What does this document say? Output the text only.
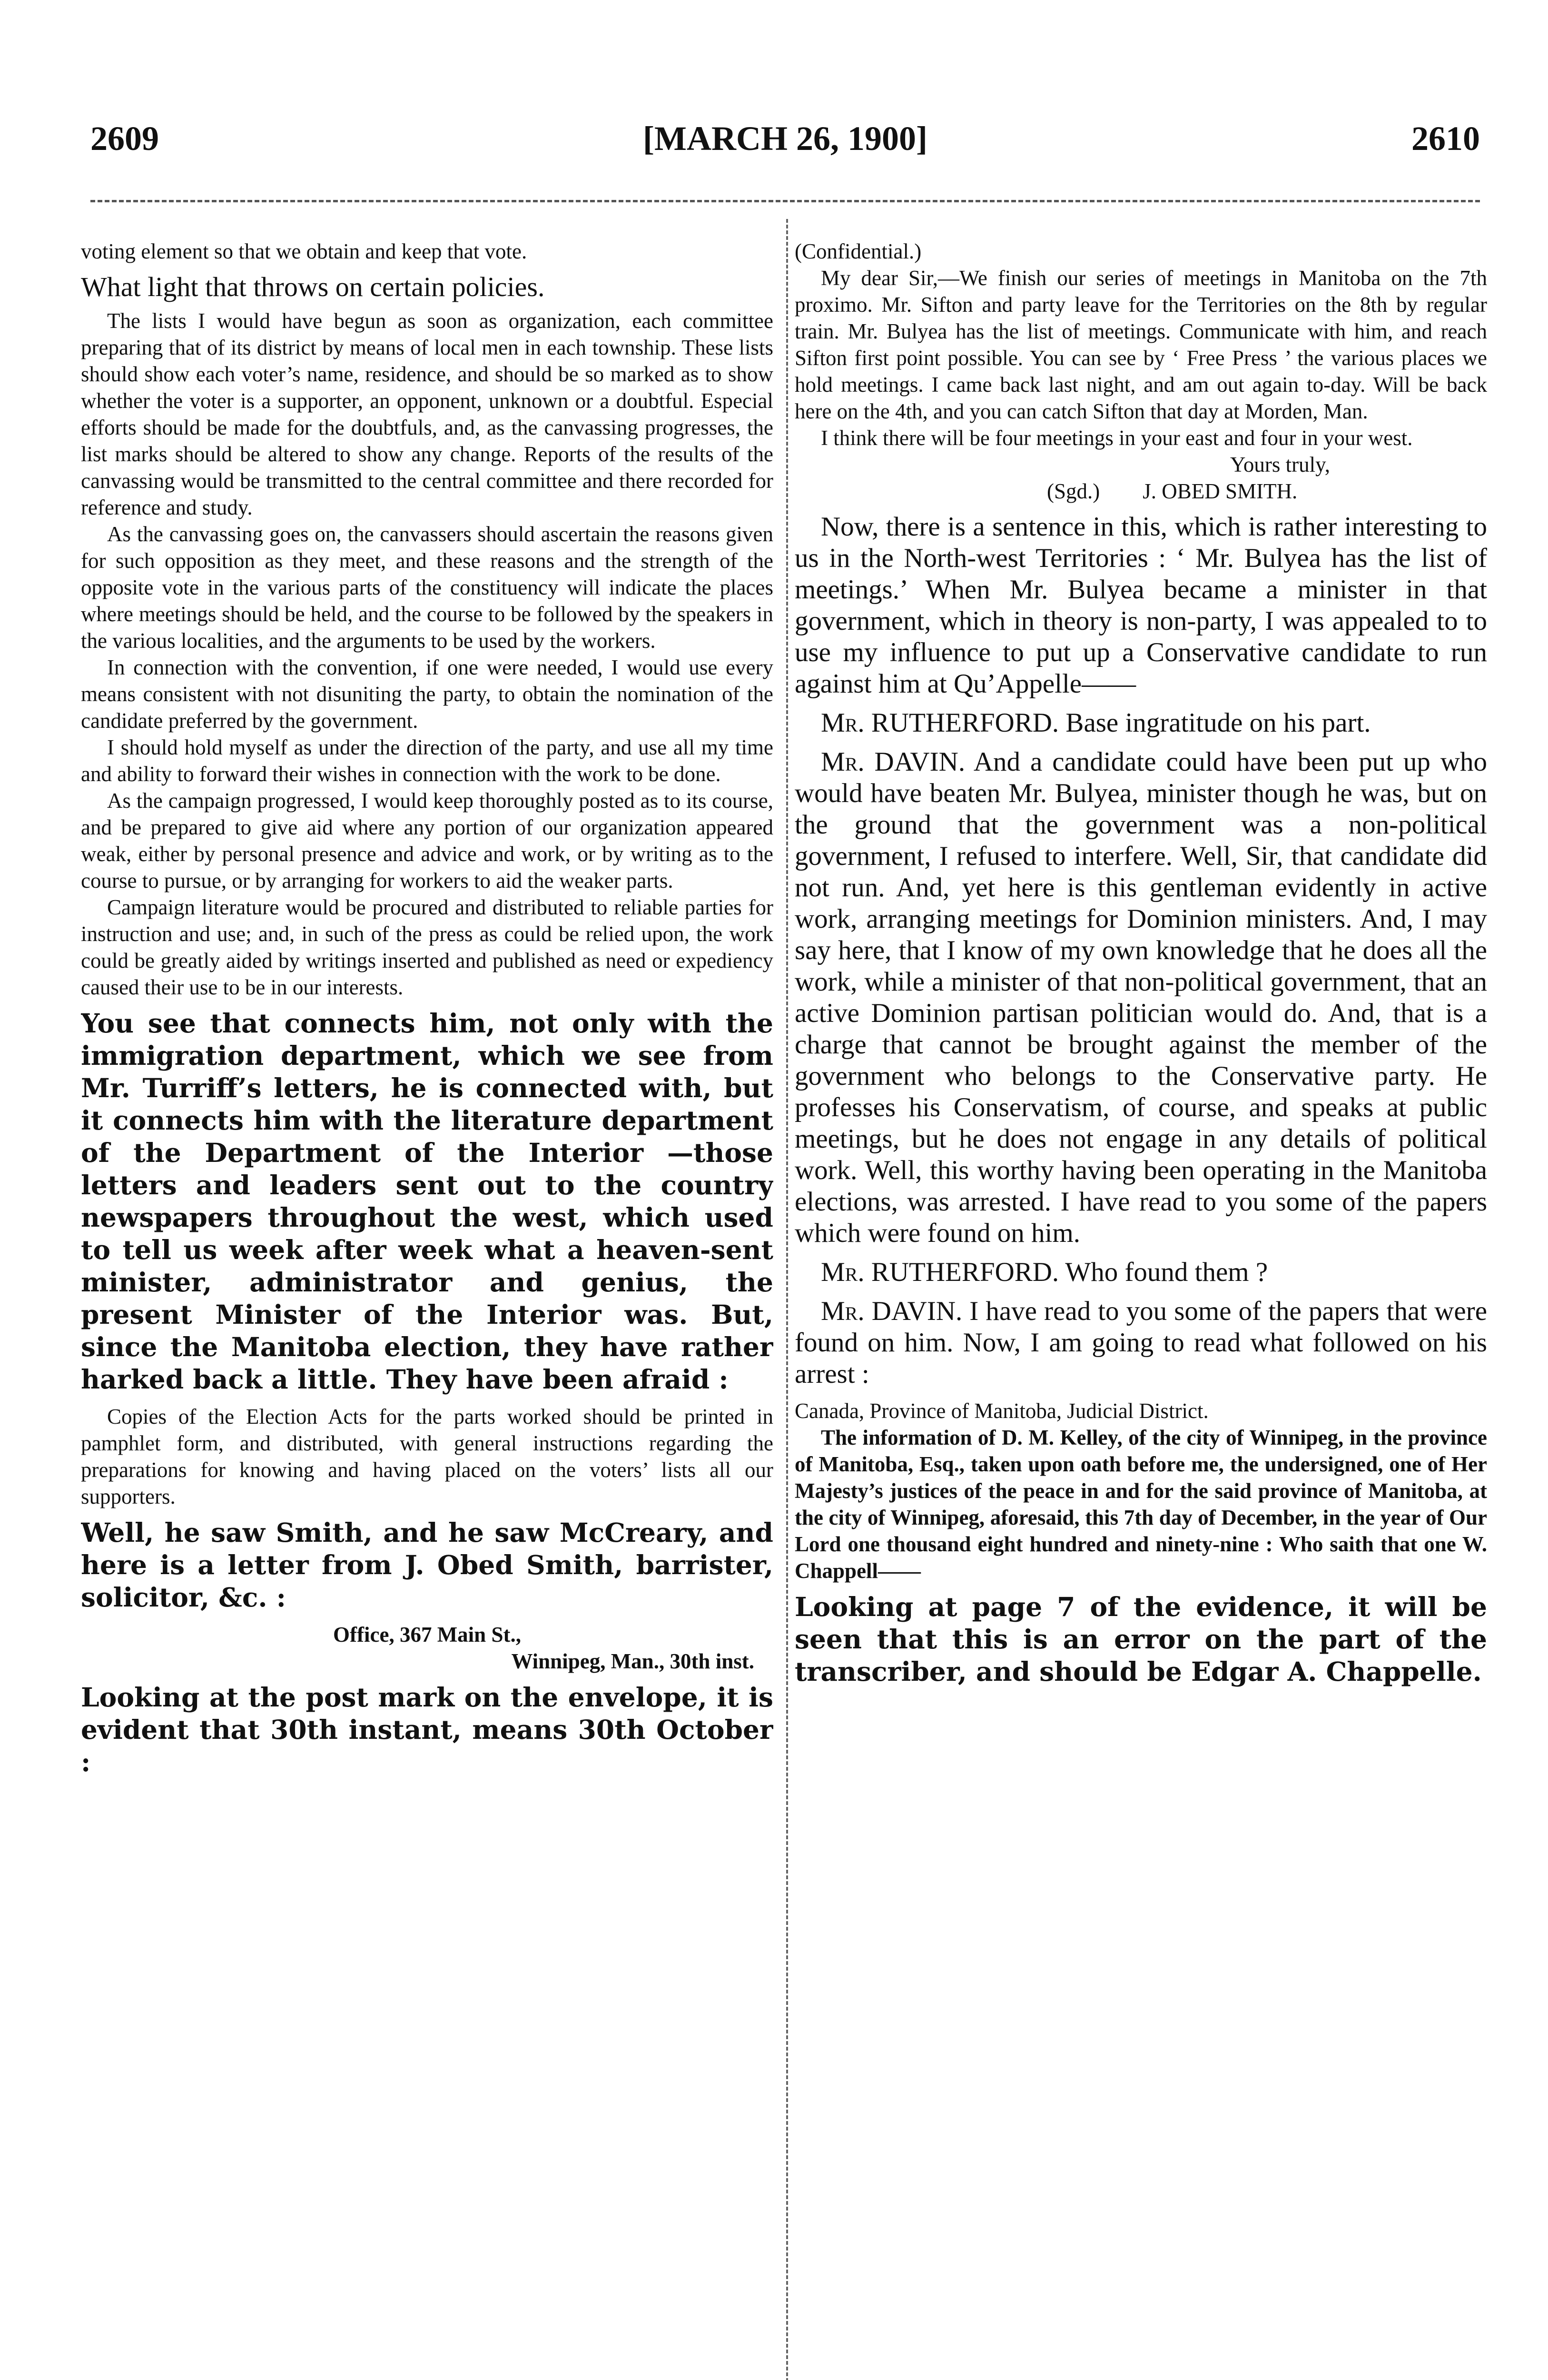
2609	[MARCH 26, 1900]	2610

voting element so that we obtain and keep that vote.

What light that throws on certain policies.

The lists I would have begun as soon as organization, each committee preparing that of its district by means of local men in each township. These lists should show each voter’s name, residence, and should be so marked as to show whether the voter is a supporter, an opponent, unknown or a doubtful. Especial efforts should be made for the doubtfuls, and, as the canvassing progresses, the list marks should be altered to show any change. Reports of the results of the canvassing would be transmitted to the central committee and there recorded for reference and study.

As the canvassing goes on, the canvassers should ascertain the reasons given for such opposition as they meet, and these reasons and the strength of the opposite vote in the various parts of the constituency will indicate the places where meetings should be held, and the course to be followed by the speakers in the various localities, and the arguments to be used by the workers.

In connection with the convention, if one were needed, I would use every means consistent with not disuniting the party, to obtain the nomination of the candidate preferred by the government.

I should hold myself as under the direction of the party, and use all my time and ability to forward their wishes in connection with the work to be done.

As the campaign progressed, I would keep thoroughly posted as to its course, and be prepared to give aid where any portion of our organization appeared weak, either by personal presence and advice and work, or by writing as to the course to pursue, or by arranging for workers to aid the weaker parts.

Campaign literature would be procured and distributed to reliable parties for instruction and use; and, in such of the press as could be relied upon, the work could be greatly aided by writings inserted and published as need or expediency caused their use to be in our interests.

You see that connects him, not only with the immigration department, which we see from Mr. Turriff’s letters, he is connected with, but it connects him with the literature department of the Department of the Interior —those letters and leaders sent out to the country newspapers throughout the west, which used to tell us week after week what a heaven-sent minister, administrator and genius, the present Minister of the Interior was. But, since the Manitoba election, they have rather harked back a little. They have been afraid :

Copies of the Election Acts for the parts worked should be printed in pamphlet form, and distributed, with general instructions regarding the preparations for knowing and having placed on the voters’ lists all our supporters.

Well, he saw Smith, and he saw McCreary, and here is a letter from J. Obed Smith, barrister, solicitor, &c. :

Office, 367 Main St.,

Winnipeg, Man., 30th inst.

Looking at the post mark on the envelope, it is evident that 30th instant, means 30th October :

(Confidential.)

My dear Sir,—We finish our series of meetings in Manitoba on the 7th proximo. Mr. Sifton and party leave for the Territories on the 8th by regular train. Mr. Bulyea has the list of meetings. Communicate with him, and reach Sifton first point possible. You can see by ‘ Free Press ’ the various places we hold meetings. I came back last night, and am out again to-day. Will be back here on the 4th, and you can catch Sifton that day at Morden, Man.

I think there will be four meetings in your east and four in your west.

Yours truly,

(Sgd.)        J. OBED SMITH.

Now, there is a sentence in this, which is rather interesting to us in the North-west Territories : ‘ Mr. Bulyea has the list of meetings.’ When Mr. Bulyea became a minister in that government, which in theory is non-party, I was appealed to to use my influence to put up a Conservative candidate to run against him at Qu’Appelle——

Mr. RUTHERFORD. Base ingratitude on his part.

Mr. DAVIN. And a candidate could have been put up who would have beaten Mr. Bulyea, minister though he was, but on the ground that the government was a non-political government, I refused to interfere. Well, Sir, that candidate did not run. And, yet here is this gentleman evidently in active work, arranging meetings for Dominion ministers. And, I may say here, that I know of my own knowledge that he does all the work, while a minister of that non-political government, that an active Dominion partisan politician would do. And, that is a charge that cannot be brought against the member of the government who belongs to the Conservative party. He professes his Conservatism, of course, and speaks at public meetings, but he does not engage in any details of political work. Well, this worthy having been operating in the Manitoba elections, was arrested. I have read to you some of the papers which were found on him.

Mr. RUTHERFORD. Who found them ?

Mr. DAVIN. I have read to you some of the papers that were found on him. Now, I am going to read what followed on his arrest :

Canada, Province of Manitoba, Judicial District.

The information of D. M. Kelley, of the city of Winnipeg, in the province of Manitoba, Esq., taken upon oath before me, the undersigned, one of Her Majesty’s justices of the peace in and for the said province of Manitoba, at the city of Winnipeg, aforesaid, this 7th day of December, in the year of Our Lord one thousand eight hundred and ninety-nine : Who saith that one W. Chappell——

Looking at page 7 of the evidence, it will be seen that this is an error on the part of the transcriber, and should be Edgar A. Chappelle.
